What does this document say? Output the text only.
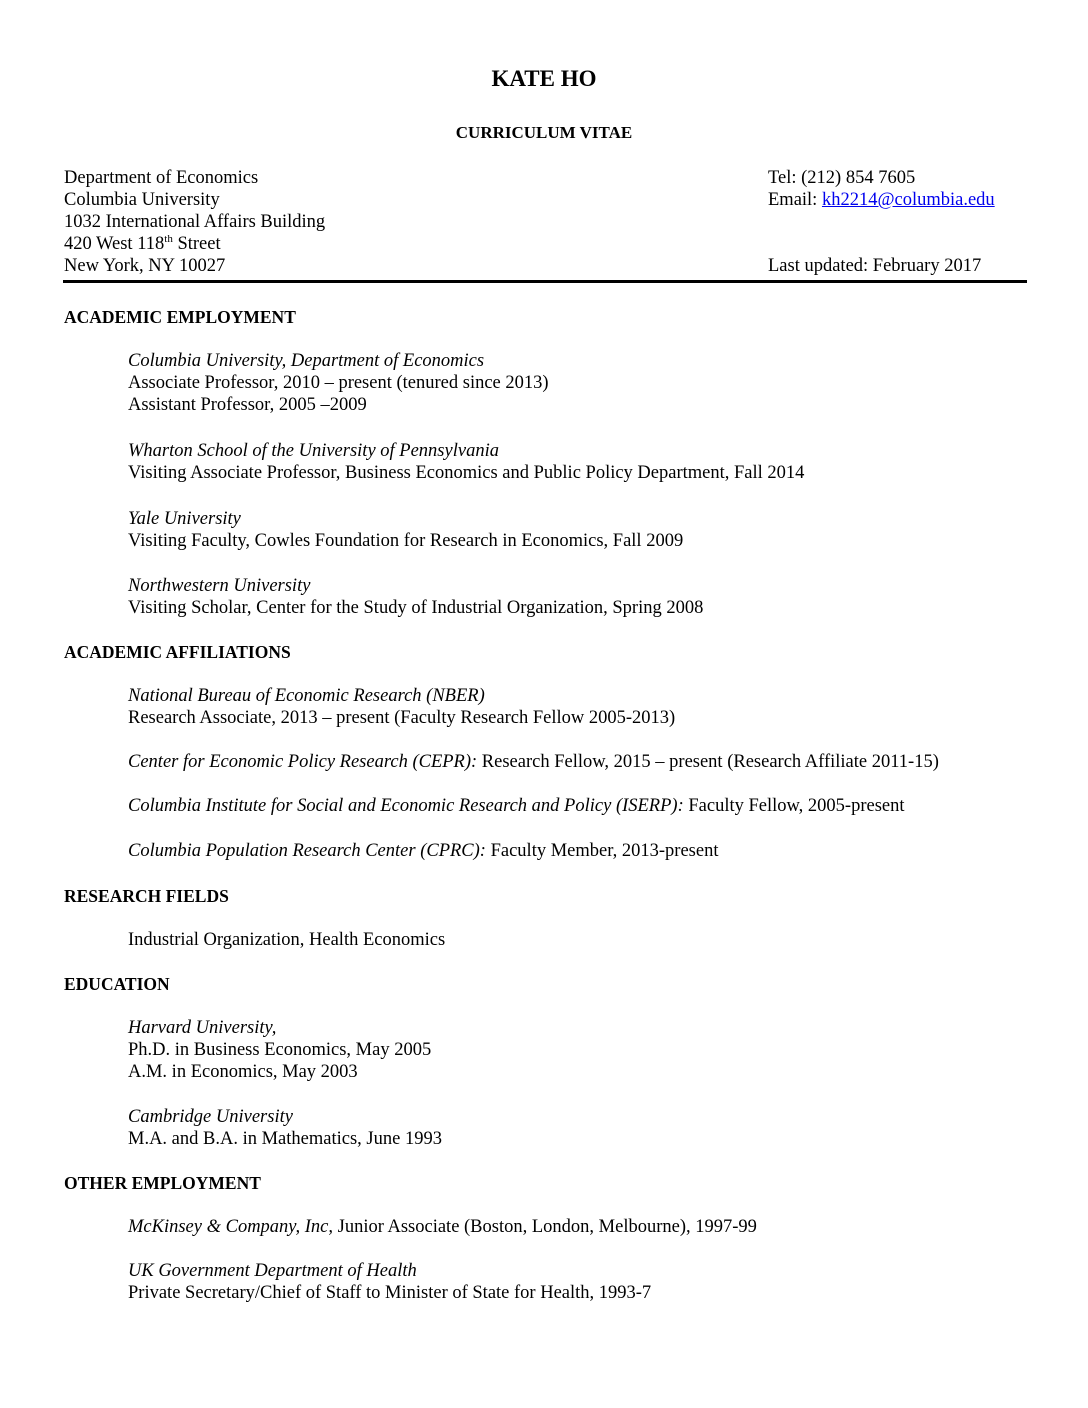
KATE HO
CURRICULUM VITAE
Department of Economics
Columbia University
1032 International Affairs Building
420 West 118th Street
New York, NY 10027
Tel: (212) 854 7605
Email: kh2214@columbia.edu
Last updated: February 2017
ACADEMIC EMPLOYMENT
Columbia University, Department of Economics
Associate Professor, 2010 – present (tenured since 2013)
Assistant Professor, 2005 –2009
Wharton School of the University of Pennsylvania
Visiting Associate Professor, Business Economics and Public Policy Department, Fall 2014
Yale University
Visiting Faculty, Cowles Foundation for Research in Economics, Fall 2009
Northwestern University
Visiting Scholar, Center for the Study of Industrial Organization, Spring 2008
ACADEMIC AFFILIATIONS
National Bureau of Economic Research (NBER)
Research Associate, 2013 – present (Faculty Research Fellow 2005-2013)
Center for Economic Policy Research (CEPR): Research Fellow, 2015 – present (Research Affiliate 2011-15)
Columbia Institute for Social and Economic Research and Policy (ISERP): Faculty Fellow, 2005-present
Columbia Population Research Center (CPRC): Faculty Member, 2013-present
RESEARCH FIELDS
Industrial Organization, Health Economics
EDUCATION
Harvard University,
Ph.D. in Business Economics, May 2005
A.M. in Economics, May 2003
Cambridge University
M.A. and B.A. in Mathematics, June 1993
OTHER EMPLOYMENT
McKinsey & Company, Inc, Junior Associate (Boston, London, Melbourne), 1997-99
UK Government Department of Health
Private Secretary/Chief of Staff to Minister of State for Health, 1993-7
